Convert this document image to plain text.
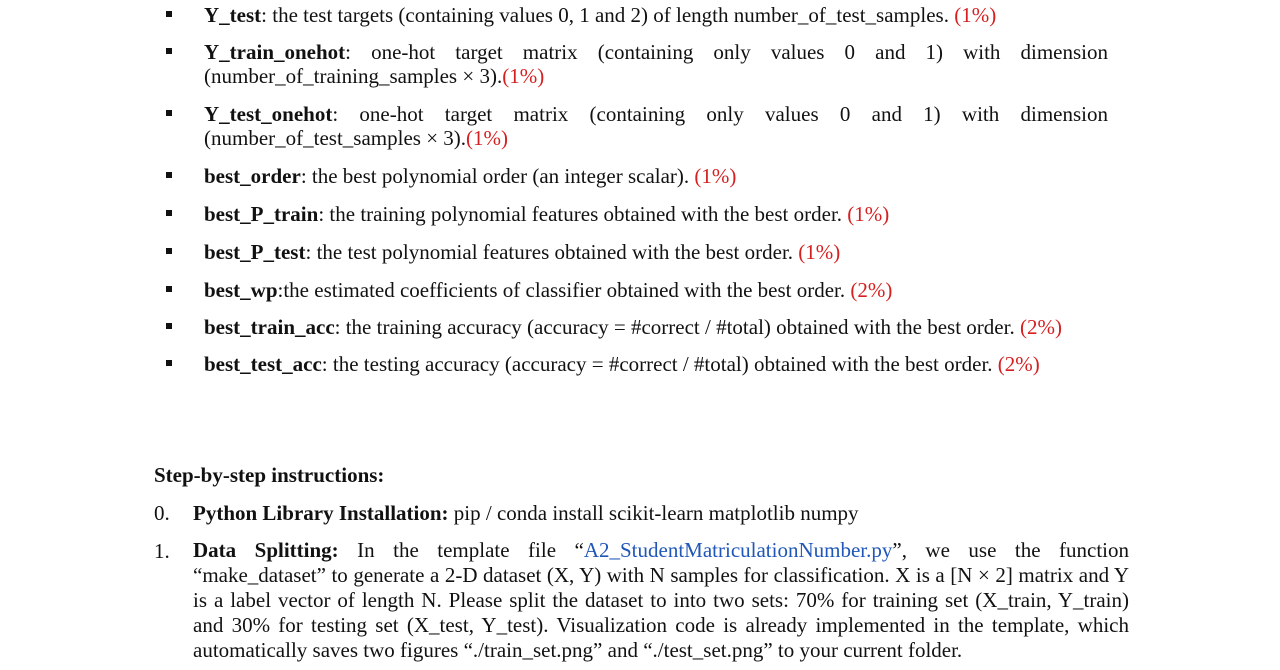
Y_test: the test targets (containing values 0, 1 and 2) of length number_of_test_samples. (1%)
Y_train_onehot: one-hot target matrix (containing only values 0 and 1) with dimension
(number_of_training_samples × 3).(1%)
Y_test_onehot: one-hot target matrix (containing only values 0 and 1) with dimension
(number_of_test_samples × 3).(1%)
best_order: the best polynomial order (an integer scalar). (1%)
best_P_train: the training polynomial features obtained with the best order. (1%)
best_P_test: the test polynomial features obtained with the best order. (1%)
best_wp:the estimated coefficients of classifier obtained with the best order. (2%)
best_train_acc: the training accuracy (accuracy = #correct / #total) obtained with the best order. (2%)
best_test_acc: the testing accuracy (accuracy = #correct / #total) obtained with the best order. (2%)
Step-by-step instructions:
0. Python Library Installation: pip / conda install scikit-learn matplotlib numpy
1. Data Splitting: In the template file “A2_StudentMatriculationNumber.py”, we use the function “make_dataset” to generate a 2-D dataset (X, Y) with N samples for classification. X is a [N × 2] matrix and Y is a label vector of length N. Please split the dataset to into two sets: 70% for training set (X_train, Y_train) and 30% for testing set (X_test, Y_test). Visualization code is already implemented in the template, which automatically saves two figures “./train_set.png” and “./test_set.png” to your current folder.
